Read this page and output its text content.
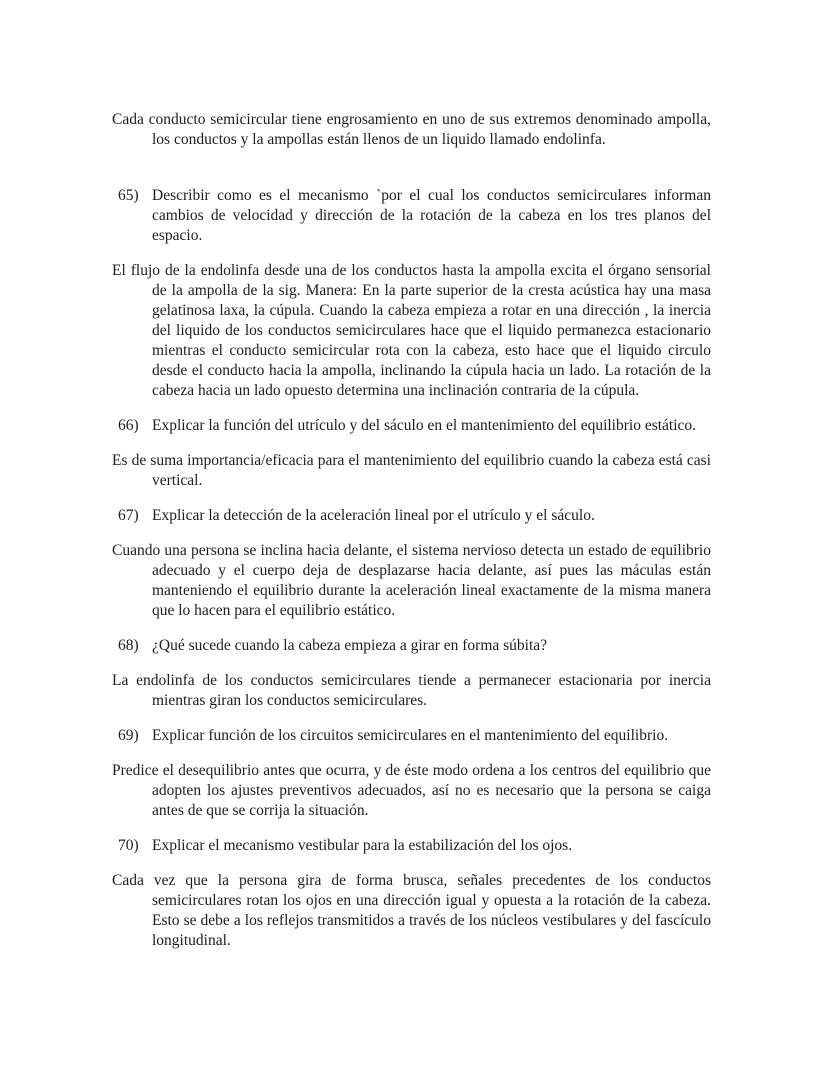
Cada conducto semicircular tiene engrosamiento en uno de sus extremos denominado ampolla, los conductos y la ampollas están llenos de un liquido llamado endolinfa.

65) Describir como es el mecanismo `por el cual los conductos semicirculares informan cambios de velocidad y dirección de la rotación de la cabeza en los tres planos del espacio.

El flujo de la endolinfa desde una de los conductos hasta la ampolla excita el órgano sensorial de la ampolla de la sig. Manera: En la parte superior de la cresta acústica hay una masa gelatinosa laxa, la cúpula. Cuando la cabeza empieza a rotar en una dirección , la inercia del liquido de los conductos semicirculares hace que el liquido permanezca estacionario mientras el conducto semicircular rota con la cabeza, esto hace que el liquido circulo desde el conducto hacia la ampolla, inclinando la cúpula hacia un lado. La rotación de la cabeza hacia un lado opuesto determina una inclinación contraria de la cúpula.

66) Explicar la función del utrículo y del sáculo en el mantenimiento del equilibrio estático.

Es de suma importancia/eficacia para el mantenimiento del equilibrio cuando la cabeza está casi vertical.

67) Explicar la detección de la aceleración lineal por el utrículo y el sáculo.

Cuando una persona se inclina hacia delante, el sistema nervioso detecta un estado de equilibrio adecuado y el cuerpo deja de desplazarse hacia delante, así pues las máculas están manteniendo el equilibrio durante la aceleración lineal exactamente de la misma manera que lo hacen para el equilibrio estático.

68) ¿Qué sucede cuando la cabeza empieza a girar en forma súbita?

La endolinfa de los conductos semicirculares tiende a permanecer estacionaria por inercia mientras giran los conductos semicirculares.

69) Explicar función de los circuitos semicirculares en el mantenimiento del equilibrio.

Predice el desequilibrio antes que ocurra, y de éste modo ordena a los centros del equilibrio que adopten los ajustes preventivos adecuados, así no es necesario que la persona se caiga antes de que se corrija la situación.

70) Explicar el mecanismo vestibular para la estabilización del los ojos.

Cada vez que la persona gira de forma brusca, señales precedentes de los conductos semicirculares rotan los ojos en una dirección igual y opuesta a la rotación de la cabeza. Esto se debe a los reflejos transmitidos a través de los núcleos vestibulares y del fascículo longitudinal.
